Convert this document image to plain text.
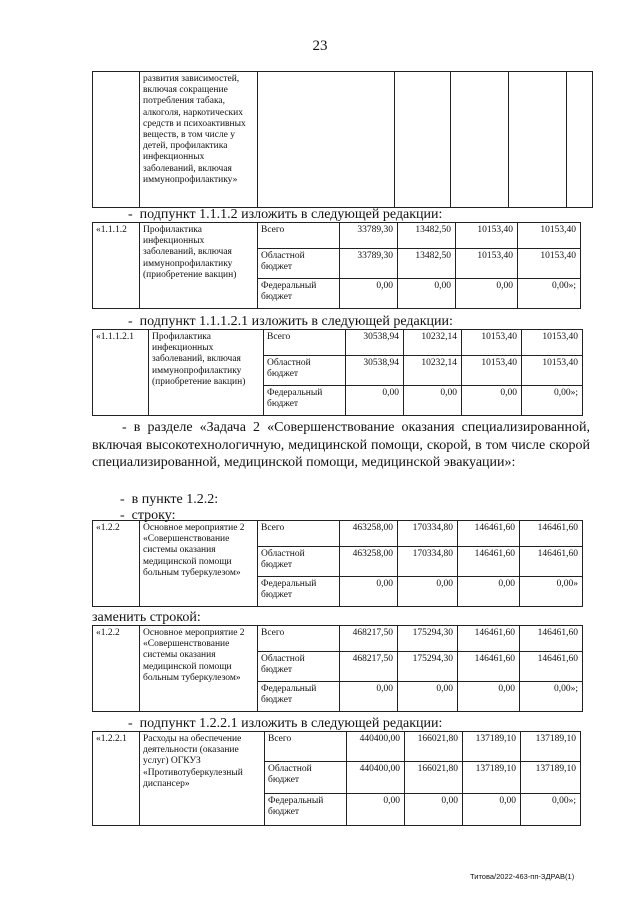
23
	развития зависимостей, включая сокращение потребления табака, алкоголя, наркотических средств и психоактивных веществ, в том числе у детей, профилактика инфекционных заболеваний, включая иммунопрофилактику»					
- подпункт 1.1.1.2 изложить в следующей редакции:
«1.1.1.2	Профилактика инфекционных заболеваний, включая иммунопрофилактику (приобретение вакцин)	Всего	33789,30	13482,50	10153,40	10153,40
		Областной бюджет	33789,30	13482,50	10153,40	10153,40
		Федеральный бюджет	0,00	0,00	0,00	0,00»;
- подпункт 1.1.1.2.1 изложить в следующей редакции:
«1.1.1.2.1	Профилактика инфекционных заболеваний, включая иммунопрофилактику (приобретение вакцин)	Всего	30538,94	10232,14	10153,40	10153,40
		Областной бюджет	30538,94	10232,14	10153,40	10153,40
		Федеральный бюджет	0,00	0,00	0,00	0,00»;
- в разделе «Задача 2 «Совершенствование оказания специализированной, включая высокотехнологичную, медицинской помощи, скорой, в том числе скорой специализированной, медицинской помощи, медицинской эвакуации»:
- в пункте 1.2.2:
- строку:
«1.2.2	Основное мероприятие 2 «Совершенствование системы оказания медицинской помощи больным туберкулезом»	Всего	463258,00	170334,80	146461,60	146461,60
		Областной бюджет	463258,00	170334,80	146461,60	146461,60
		Федеральный бюджет	0,00	0,00	0,00	0,00»
заменить строкой:
«1.2.2	Основное мероприятие 2 «Совершенствование системы оказания медицинской помощи больным туберкулезом»	Всего	468217,50	175294,30	146461,60	146461,60
		Областной бюджет	468217,50	175294,30	146461,60	146461,60
		Федеральный бюджет	0,00	0,00	0,00	0,00»;
- подпункт 1.2.2.1 изложить в следующей редакции:
«1.2.2.1	Расходы на обеспечение деятельности (оказание услуг) ОГКУЗ «Противотуберкулезный диспансер»	Всего	440400,00	166021,80	137189,10	137189,10
		Областной бюджет	440400,00	166021,80	137189,10	137189,10
		Федеральный бюджет	0,00	0,00	0,00	0,00»;
Титова/2022-463-пп-ЗДРАВ(1)
